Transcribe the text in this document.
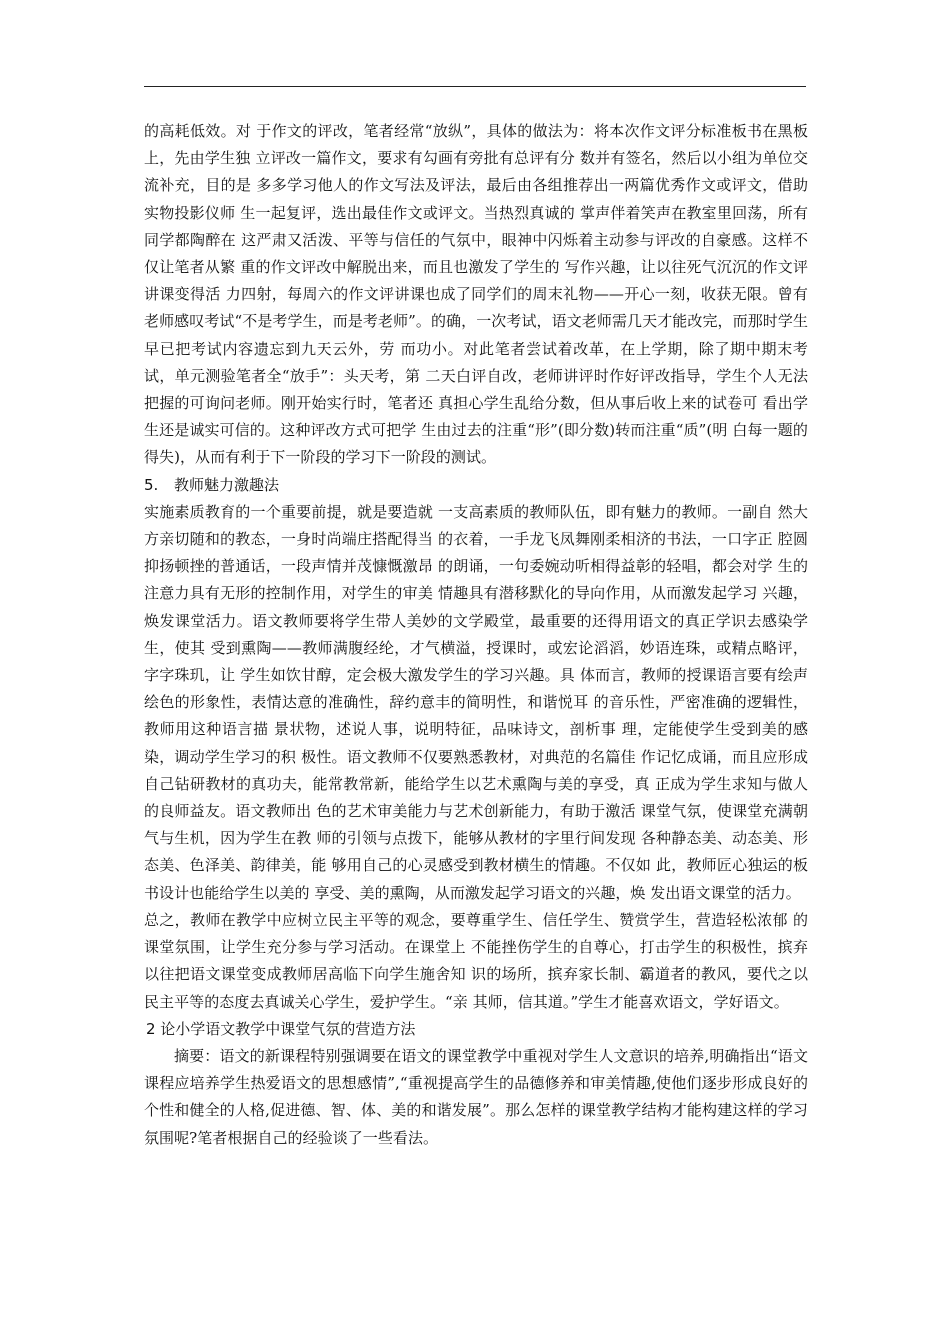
的高耗低效。对 于作文的评改，笔者经常“放纵”，具体的做法为：将本次作文评分标准板书在黑板上，先由学生独 立评改一篇作文，要求有勾画有旁批有总评有分 数并有签名，然后以小组为单位交流补充，目的是 多多学习他人的作文写法及评法，最后由各组推荐出一两篇优秀作文或评文，借助实物投影仪师 生一起复评，选出最佳作文或评文。当热烈真诚的 掌声伴着笑声在教室里回荡，所有同学都陶醉在 这严肃又活泼、平等与信任的气氛中，眼神中闪烁着主动参与评改的自豪感。这样不仅让笔者从繁 重的作文评改中解脱出来，而且也激发了学生的 写作兴趣，让以往死气沉沉的作文评讲课变得活 力四射，每周六的作文评讲课也成了同学们的周末礼物——开心一刻，收获无限。曾有老师感叹考试“不是考学生，而是考老师”。的确，一次考试，语文老师需几天才能改完，而那时学生早已把考试内容遗忘到九天云外，劳 而功小。对此笔者尝试着改革，在上学期，除了期中期末考试，单元测验笔者全“放手”：头天考，第 二天白评自改，老师讲评时作好评改指导，学生个人无法把握的可询问老师。刚开始实行时，笔者还 真担心学生乱给分数，但从事后收上来的试卷可 看出学生还是诚实可信的。这种评改方式可把学 生由过去的注重“形”(即分数)转而注重“质”(明 白每一题的得失)，从而有利于下一阶段的学习下一阶段的测试。

5. 教师魅力激趣法

实施素质教育的一个重要前提，就是要造就 一支高素质的教师队伍，即有魅力的教师。一副自 然大方亲切随和的教态，一身时尚端庄搭配得当 的衣着，一手龙飞凤舞刚柔相济的书法，一口字正 腔圆抑扬顿挫的普通话，一段声情并茂慷慨激昂 的朗诵，一句委婉动听相得益彰的轻唱，都会对学 生的注意力具有无形的控制作用，对学生的审美 情趣具有潜移默化的导向作用，从而激发起学习 兴趣，焕发课堂活力。语文教师要将学生带人美妙的文学殿堂，最重要的还得用语文的真正学识去感染学生，使其 受到熏陶——教师满腹经纶，才气横溢，授课时，或宏论滔滔，妙语连珠，或精点略评，字字珠玑，让 学生如饮甘醇，定会极大激发学生的学习兴趣。具 体而言，教师的授课语言要有绘声绘色的形象性，表情达意的准确性，辞约意丰的简明性，和谐悦耳 的音乐性，严密准确的逻辑性，教师用这种语言描 景状物，述说人事，说明特征，品味诗文，剖析事 理，定能使学生受到美的感染，调动学生学习的积 极性。语文教师不仅要熟悉教材，对典范的名篇佳 作记忆成诵，而且应形成自己钻研教材的真功夫，能常教常新，能给学生以艺术熏陶与美的享受，真 正成为学生求知与做人的良师益友。语文教师出 色的艺术审美能力与艺术创新能力，有助于激活 课堂气氛，使课堂充满朝气与生机，因为学生在教 师的引领与点拨下，能够从教材的字里行间发现 各种静态美、动态美、形态美、色泽美、韵律美，能 够用自己的心灵感受到教材横生的情趣。不仅如 此，教师匠心独运的板书设计也能给学生以美的 享受、美的熏陶，从而激发起学习语文的兴趣，焕 发出语文课堂的活力。

总之，教师在教学中应树立民主平等的观念，要尊重学生、信任学生、赞赏学生，营造轻松浓郁 的课堂氛围，让学生充分参与学习活动。在课堂上 不能挫伤学生的自尊心，打击学生的积极性，摈弃 以往把语文课堂变成教师居高临下向学生施舍知 识的场所，摈弃家长制、霸道者的教风，要代之以 民主平等的态度去真诚关心学生，爱护学生。“亲 其师，信其道。”学生才能喜欢语文，学好语文。

2 论小学语文教学中课堂气氛的营造方法

摘要：语文的新课程特别强调要在语文的课堂教学中重视对学生人文意识的培养,明确指出“语文课程应培养学生热爱语文的思想感情”,“重视提高学生的品德修养和审美情趣,使他们逐步形成良好的个性和健全的人格,促进德、智、体、美的和谐发展”。那么怎样的课堂教学结构才能构建这样的学习氛围呢?笔者根据自己的经验谈了一些看法。
